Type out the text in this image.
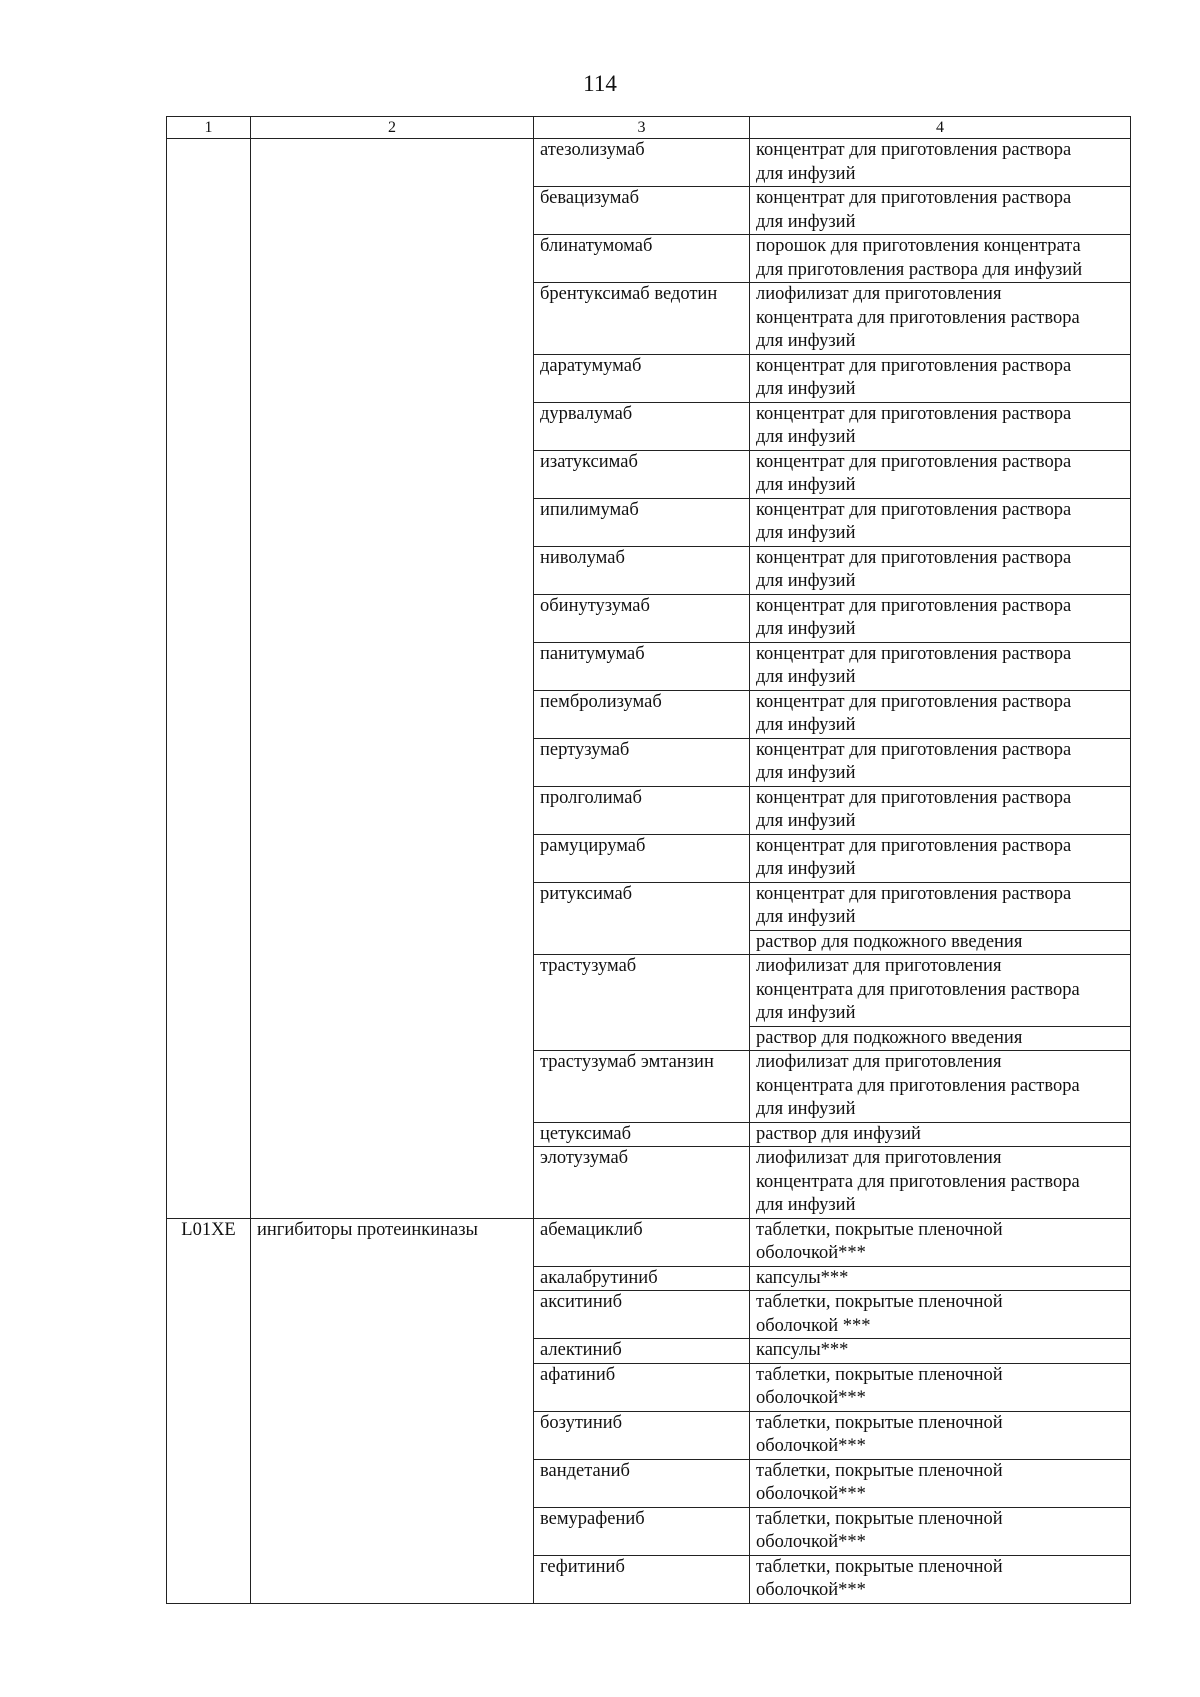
114
1	2	3	4
		атезолизумаб	концентрат для приготовления раствора
для инфузий
		бевацизумаб	концентрат для приготовления раствора
для инфузий
		блинатумомаб	порошок для приготовления концентрата
для приготовления раствора для инфузий
		брентуксимаб ведотин	лиофилизат для приготовления
концентрата для приготовления раствора
для инфузий
		даратумумаб	концентрат для приготовления раствора
для инфузий
		дурвалумаб	концентрат для приготовления раствора
для инфузий
		изатуксимаб	концентрат для приготовления раствора
для инфузий
		ипилимумаб	концентрат для приготовления раствора
для инфузий
		ниволумаб	концентрат для приготовления раствора
для инфузий
		обинутузумаб	концентрат для приготовления раствора
для инфузий
		панитумумаб	концентрат для приготовления раствора
для инфузий
		пембролизумаб	концентрат для приготовления раствора
для инфузий
		пертузумаб	концентрат для приготовления раствора
для инфузий
		пролголимаб	концентрат для приготовления раствора
для инфузий
		рамуцирумаб	концентрат для приготовления раствора
для инфузий
		ритуксимаб	концентрат для приготовления раствора
для инфузий
			раствор для подкожного введения
		трастузумаб	лиофилизат для приготовления
концентрата для приготовления раствора
для инфузий
			раствор для подкожного введения
		трастузумаб эмтанзин	лиофилизат для приготовления
концентрата для приготовления раствора
для инфузий
		цетуксимаб	раствор для инфузий
		элотузумаб	лиофилизат для приготовления
концентрата для приготовления раствора
для инфузий
L01XE	ингибиторы протеинкиназы	абемациклиб	таблетки, покрытые пленочной
оболочкой***
		акалабрутиниб	капсулы***
		акситиниб	таблетки, покрытые пленочной
оболочкой ***
		алектиниб	капсулы***
		афатиниб	таблетки, покрытые пленочной
оболочкой***
		бозутиниб	таблетки, покрытые пленочной
оболочкой***
		вандетаниб	таблетки, покрытые пленочной
оболочкой***
		вемурафениб	таблетки, покрытые пленочной
оболочкой***
		гефитиниб	таблетки, покрытые пленочной
оболочкой***
